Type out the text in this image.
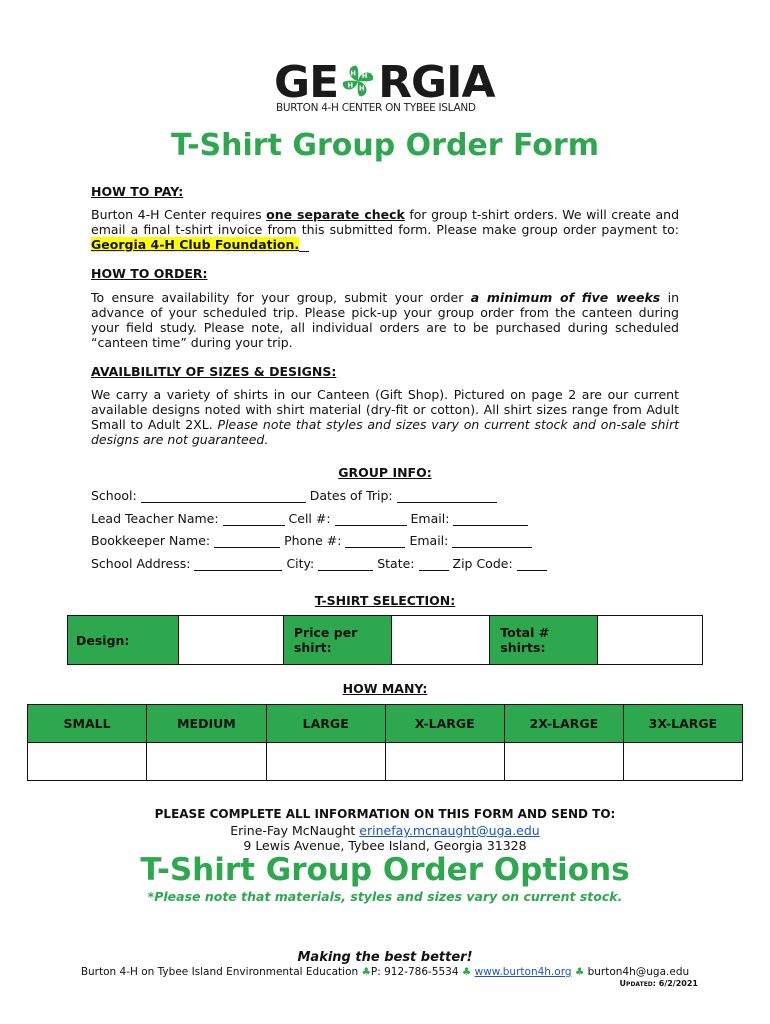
GE H H
H
H RGIA
BURTON 4-H CENTER ON TYBEE ISLAND
T-Shirt Group Order Form
HOW TO PAY:
Burton 4-H Center requires one separate check for group t-shirt orders. We will create and email a final t-shirt invoice from this submitted form. Please make group order payment to: Georgia 4-H Club Foundation.
HOW TO ORDER:
To ensure availability for your group, submit your order a minimum of five weeks in advance of your scheduled trip. Please pick-up your group order from the canteen during your field study. Please note, all individual orders are to be purchased during scheduled “canteen time” during your trip.
AVAILBILITLY OF SIZES & DESIGNS:
We carry a variety of shirts in our Canteen (Gift Shop). Pictured on page 2 are our current available designs noted with shirt material (dry-fit or cotton). All shirt sizes range from Adult Small to Adult 2XL. Please note that styles and sizes vary on current stock and on-sale shirt designs are not guaranteed.
GROUP INFO:
School:	Dates of Trip:
Lead Teacher Name:	Cell #:	Email:
Bookkeeper Name:	Phone #:	Email:
School Address:	City:	State:	Zip Code:
T-SHIRT SELECTION:
Design:		Price per shirt:		Total # shirts:	
HOW MANY:
SMALL	MEDIUM	LARGE	X-LARGE	2X-LARGE	3X-LARGE

PLEASE COMPLETE ALL INFORMATION ON THIS FORM AND SEND TO:
Erine-Fay McNaught erinefay.mcnaught@uga.edu
9 Lewis Avenue, Tybee Island, Georgia 31328
T-Shirt Group Order Options
*Please note that materials, styles and sizes vary on current stock.
Making the best better!
Burton 4-H on Tybee Island Environmental Education ♣P: 912-786-5534 ♣ www.burton4h.org ♣ burton4h@uga.edu
Updated: 6/2/2021
